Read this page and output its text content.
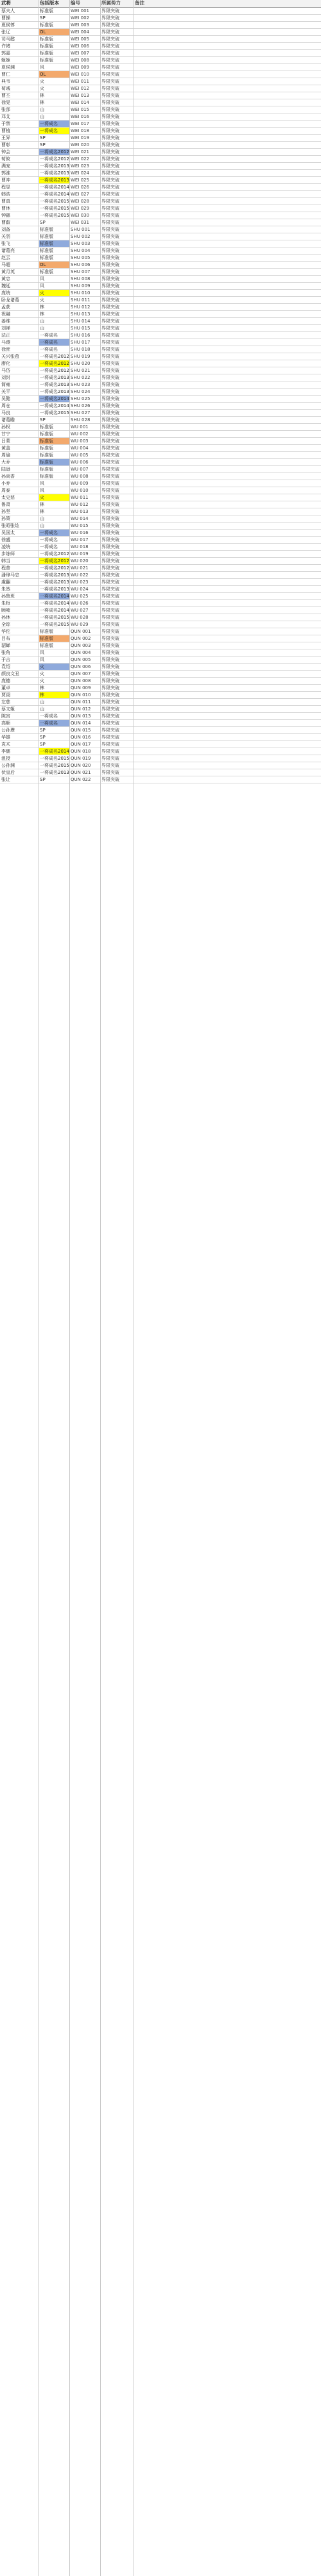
武将	包括版本	编号	所属势力	备注
蔡夫人	标准版	WEI 001	界限突破
曹操	SP	WEI 002	界限突破
夏侯惇	标准版	WEI 003	界限突破
张辽	OL	WEI 004	界限突破
司马懿	标准版	WEI 005	界限突破
许褚	标准版	WEI 006	界限突破
郭嘉	标准版	WEI 007	界限突破
甄姬	标准版	WEI 008	界限突破
夏侯渊	风	WEI 009	界限突破
曹仁	OL	WEI 010	界限突破
典韦	火	WEI 011	界限突破
荀彧	火	WEI 012	界限突破
曹丕	林	WEI 013	界限突破
徐晃	林	WEI 014	界限突破
张郃	山	WEI 015	界限突破
邓艾	山	WEI 016	界限突破
于禁	一将成名	WEI 017	界限突破
曹植	一将成名	WEI 018	界限突破
王异	SP	WEI 019	界限突破
曹彰	SP	WEI 020	界限突破
钟会	一将成名2012 WEI 021	界限突破
荀攸	一将成名2012 WEI 022	界限突破
满宠	一将成名2013 WEI 023	界限突破
郭淮	一将成名2013 WEI 024	界限突破
曹冲	一将成名2013 WEI 025	界限突破
程昱	一将成名2014 WEI 026	界限突破
韩浩	一将成名2014 WEI 027	界限突破
曹真	一将成名2015 WEI 028	界限突破
曹休	一将成名2015 WEI 029	界限突破
钟繇	一将成名2015 WEI 030	界限突破
曹叡	SP	WEI 031	界限突破
刘备	标准版	SHU 001	界限突破
关羽	标准版	SHU 002	界限突破
张飞	标准版	SHU 003	界限突破
诸葛亮	标准版	SHU 004	界限突破
赵云	标准版	SHU 005	界限突破
马超	OL	SHU 006	界限突破
黄月英	标准版	SHU 007	界限突破
黄忠	风	SHU 008	界限突破
魏延	风	SHU 009	界限突破
庞统	火	SHU 010	界限突破
卧龙诸葛	火	SHU 011	界限突破
孟获	林	SHU 012	界限突破
祝融	林	SHU 013	界限突破
姜维	山	SHU 014	界限突破
刘禅	山	SHU 015	界限突破
法正	一将成名	SHU 016	界限突破
马谡	一将成名	SHU 017	界限突破
徐庶	一将成名	SHU 018	界限突破
关兴张苞	一将成名2012 SHU 019	界限突破
廖化	一将成名2012 SHU 020	界限突破
马岱	一将成名2012 SHU 021	界限突破
刘封	一将成名2013 SHU 022	界限突破
简雍	一将成名2013 SHU 023	界限突破
关平	一将成名2013 SHU 024	界限突破
吴懿	一将成名2014 SHU 025	界限突破
周仓	一将成名2014 SHU 026	界限突破
马良	一将成名2015 SHU 027	界限突破
诸葛瞻	SP	SHU 028	界限突破
孙权	标准版	WU 001	界限突破
甘宁	标准版	WU 002	界限突破
吕蒙	标准版	WU 003	界限突破
黄盖	标准版	WU 004	界限突破
周瑜	标准版	WU 005	界限突破
大乔	标准版	WU 006	界限突破
陆逊	标准版	WU 007	界限突破
孙尚香	标准版	WU 008	界限突破
小乔	风	WU 009	界限突破
周泰	风	WU 010	界限突破
太史慈	火	WU 011	界限突破
鲁肃	林	WU 012	界限突破
孙坚	林	WU 013	界限突破
孙策	山	WU 014	界限突破
张昭张纮	山	WU 015	界限突破
吴国太	一将成名	WU 016	界限突破
徐盛	一将成名	WU 017	界限突破
凌统	一将成名	WU 018	界限突破
步练师	一将成名2012 WU 019	界限突破
韩当	一将成名2012 WU 020	界限突破
程普	一将成名2012 WU 021	界限突破
潘璋马忠	一将成名2013 WU 022	界限突破
虞翻	一将成名2013 WU 023	界限突破
朱然	一将成名2013 WU 024	界限突破
孙鲁班	一将成名2014 WU 025	界限突破
朱桓	一将成名2014 WU 026	界限突破
顾雍	一将成名2014 WU 027	界限突破
孙休	一将成名2015 WU 028	界限突破
全琮	一将成名2015 WU 029	界限突破
华佗	标准版	QUN 001	界限突破
吕布	标准版	QUN 002	界限突破
貂蝉	标准版	QUN 003	界限突破
张角	风	QUN 004	界限突破
于吉	风	QUN 005	界限突破
袁绍	火	QUN 006	界限突破
颜良文丑	火	QUN 007	界限突破
庞德	火	QUN 008	界限突破
董卓	林	QUN 009	界限突破
贾诩	林	QUN 010	界限突破
左慈	山	QUN 011	界限突破
蔡文姬	山	QUN 012	界限突破
陈宫	一将成名	QUN 013	界限突破
高顺	一将成名	QUN 014	界限突破
公孙瓒	SP	QUN 015	界限突破
华雄	SP	QUN 016	界限突破
袁术	SP	QUN 017	界限突破
李儒	一将成名2014 QUN 018	界限突破
沮授	一将成名2015 QUN 019	界限突破
公孙渊	一将成名2015 QUN 020	界限突破
伏皇后	一将成名2013 QUN 021	界限突破
张让	SP	QUN 022	界限突破
